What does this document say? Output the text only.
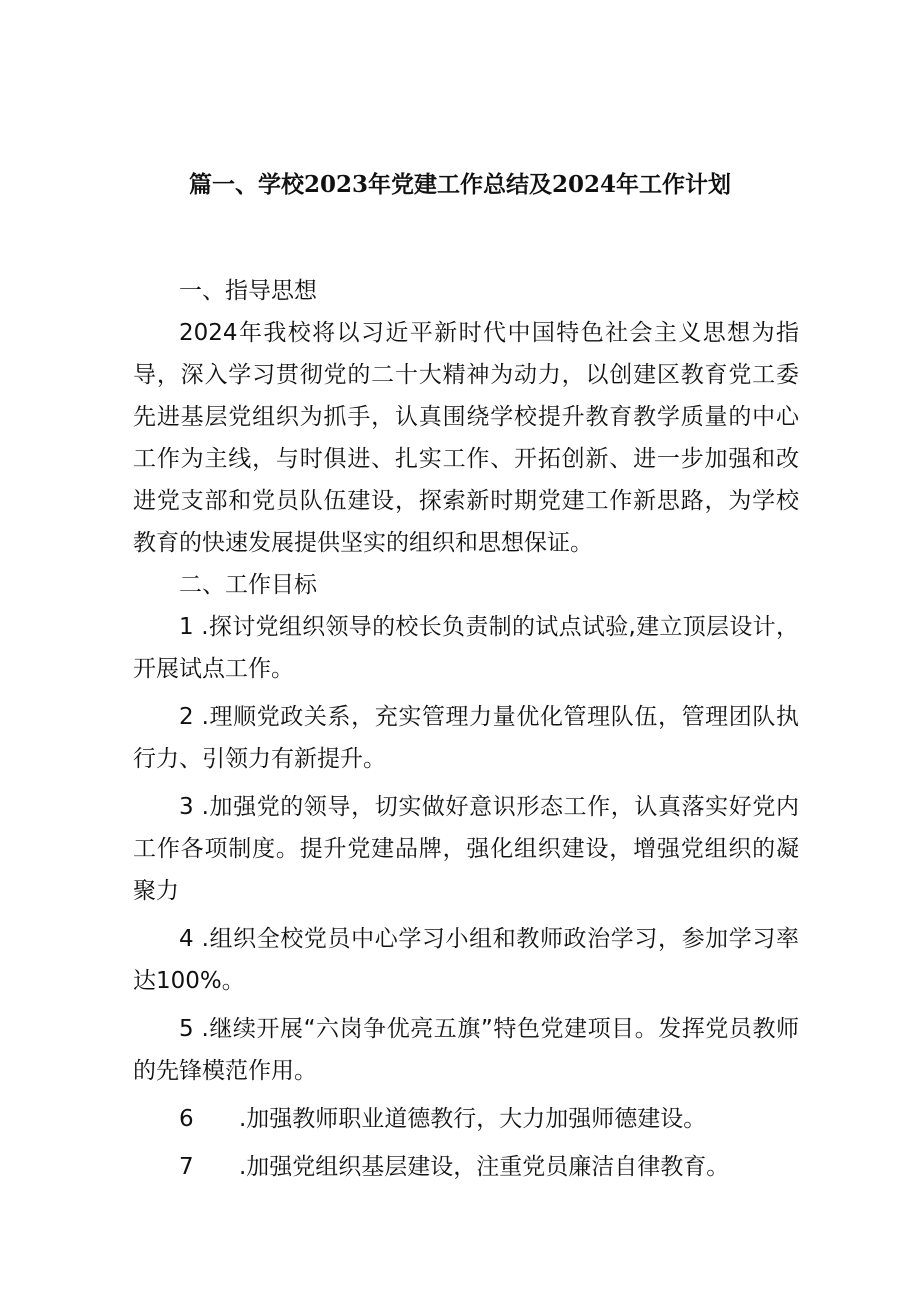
篇一、学校2023年党建工作总结及2024年工作计划

一、指导思想

2024年我校将以习近平新时代中国特色社会主义思想为指导，深入学习贯彻党的二十大精神为动力，以创建区教育党工委先进基层党组织为抓手，认真围绕学校提升教育教学质量的中心工作为主线，与时俱进、扎实工作、开拓创新、进一步加强和改进党支部和党员队伍建设，探索新时期党建工作新思路，为学校教育的快速发展提供坚实的组织和思想保证。

二、工作目标

1 .探讨党组织领导的校长负责制的试点试验,建立顶层设计，开展试点工作。

2 .理顺党政关系，充实管理力量优化管理队伍，管理团队执行力、引领力有新提升。

3 .加强党的领导，切实做好意识形态工作，认真落实好党内工作各项制度。提升党建品牌，强化组织建设，增强党组织的凝聚力

4 .组织全校党员中心学习小组和教师政治学习，参加学习率达100%。

5 .继续开展“六岗争优亮五旗”特色党建项目。发挥党员教师的先锋模范作用。

6 .加强教师职业道德教行，大力加强师德建设。

7 .加强党组织基层建设，注重党员廉洁自律教育。
